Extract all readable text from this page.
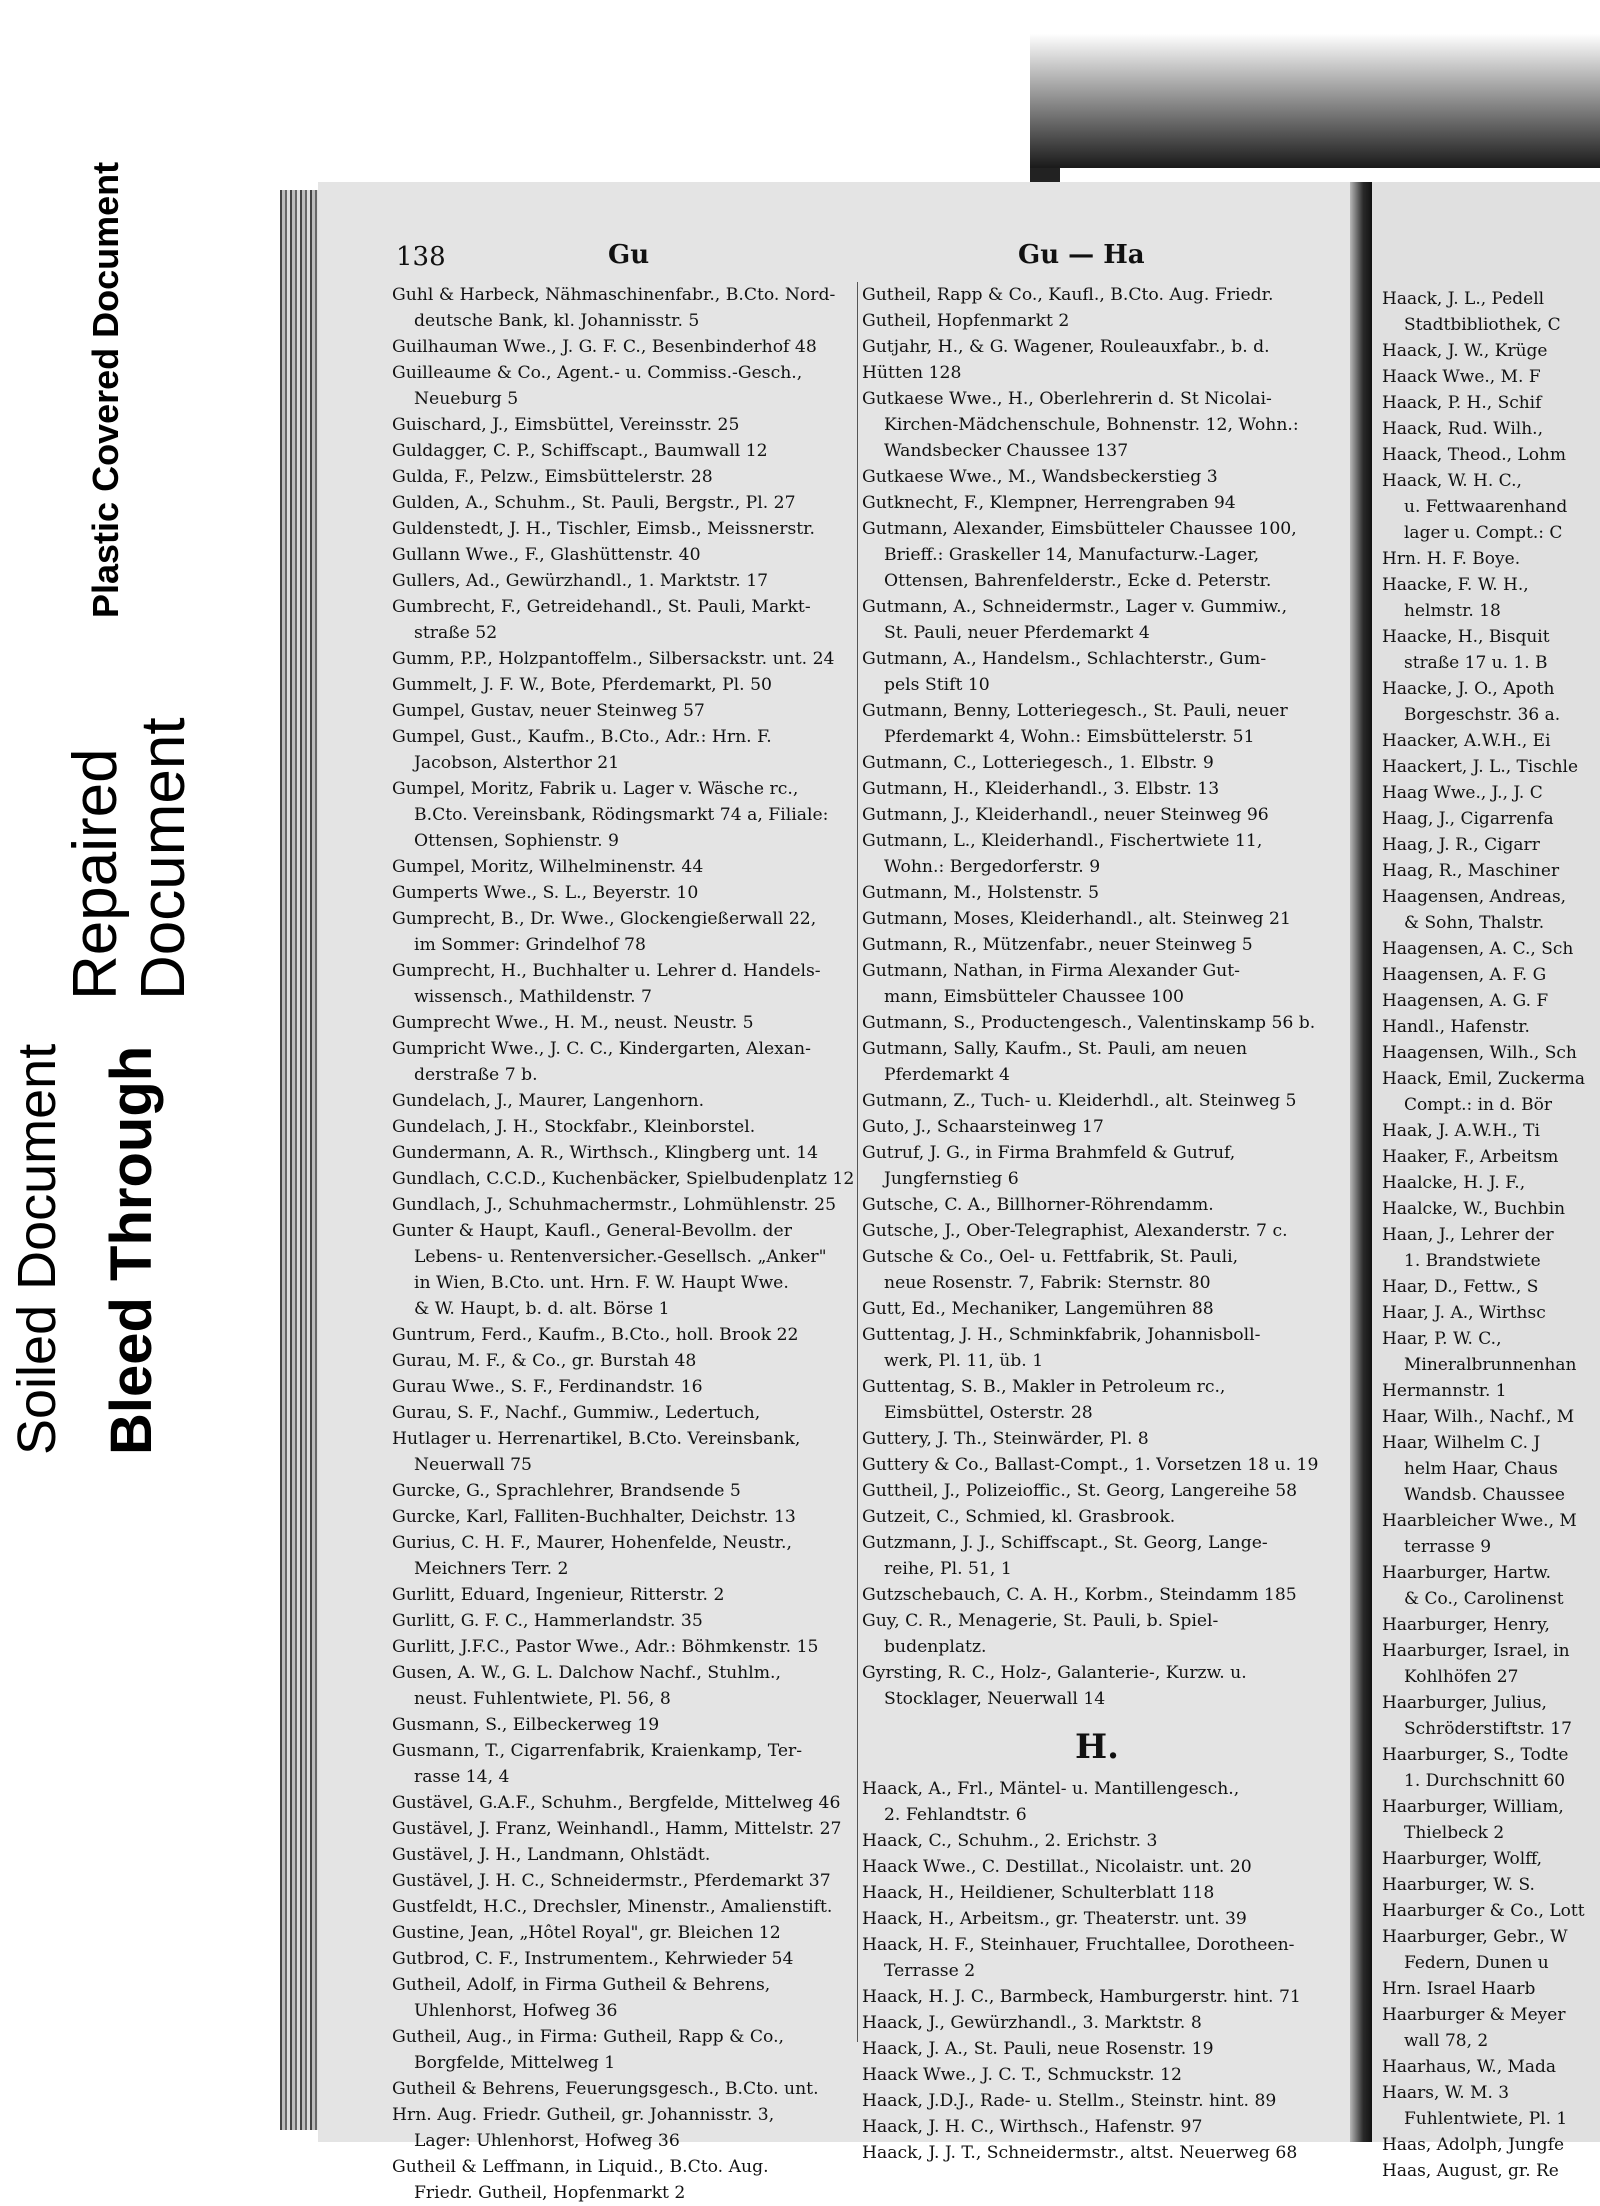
Plastic Covered Document
Repaired Document
Soiled Document Bleed Through
138	Gu	Gu — Ha
Guhl & Harbeck, Nähmaschinenfabr., B.Cto. Nord-
deutsche Bank, kl. Johannisstr. 5
Guilhauman Wwe., J. G. F. C., Besenbinderhof 48
Guilleaume & Co., Agent.- u. Commiss.-Gesch.,
Neueburg 5
Guischard, J., Eimsbüttel, Vereinsstr. 25
Guldagger, C. P., Schiffscapt., Baumwall 12
Gulda, F., Pelzw., Eimsbüttelerstr. 28
Gulden, A., Schuhm., St. Pauli, Bergstr., Pl. 27
Guldenstedt, J. H., Tischler, Eimsb., Meissnerstr.
Gullann Wwe., F., Glashüttenstr. 40
Gullers, Ad., Gewürzhandl., 1. Marktstr. 17
Gumbrecht, F., Getreidehandl., St. Pauli, Markt-
straße 52
Gumm, P.P., Holzpantoffelm., Silbersackstr. unt. 24
Gummelt, J. F. W., Bote, Pferdemarkt, Pl. 50
Gumpel, Gustav, neuer Steinweg 57
Gumpel, Gust., Kaufm., B.Cto., Adr.: Hrn. F.
Jacobson, Alsterthor 21
Gumpel, Moritz, Fabrik u. Lager v. Wäsche rc.,
B.Cto. Vereinsbank, Rödingsmarkt 74 a, Filiale:
Ottensen, Sophienstr. 9
Gumpel, Moritz, Wilhelminenstr. 44
Gumperts Wwe., S. L., Beyerstr. 10
Gumprecht, B., Dr. Wwe., Glockengießerwall 22,
im Sommer: Grindelhof 78
Gumprecht, H., Buchhalter u. Lehrer d. Handels-
wissensch., Mathildenstr. 7
Gumprecht Wwe., H. M., neust. Neustr. 5
Gumpricht Wwe., J. C. C., Kindergarten, Alexan-
derstraße 7 b.
Gundelach, J., Maurer, Langenhorn.
Gundelach, J. H., Stockfabr., Kleinborstel.
Gundermann, A. R., Wirthsch., Klingberg unt. 14
Gundlach, C.C.D., Kuchenbäcker, Spielbudenplatz 12
Gundlach, J., Schuhmachermstr., Lohmühlenstr. 25
Gunter & Haupt, Kaufl., General-Bevollm. der
Lebens- u. Rentenversicher.-Gesellsch. „Anker"
in Wien, B.Cto. unt. Hrn. F. W. Haupt Wwe.
& W. Haupt, b. d. alt. Börse 1
Guntrum, Ferd., Kaufm., B.Cto., holl. Brook 22
Gurau, M. F., & Co., gr. Burstah 48
Gurau Wwe., S. F., Ferdinandstr. 16
Gurau, S. F., Nachf., Gummiw., Ledertuch,
Hutlager u. Herrenartikel, B.Cto. Vereinsbank,
Neuerwall 75
Gurcke, G., Sprachlehrer, Brandsende 5
Gurcke, Karl, Falliten-Buchhalter, Deichstr. 13
Gurius, C. H. F., Maurer, Hohenfelde, Neustr.,
Meichners Terr. 2
Gurlitt, Eduard, Ingenieur, Ritterstr. 2
Gurlitt, G. F. C., Hammerlandstr. 35
Gurlitt, J.F.C., Pastor Wwe., Adr.: Böhmkenstr. 15
Gusen, A. W., G. L. Dalchow Nachf., Stuhlm.,
neust. Fuhlentwiete, Pl. 56, 8
Gusmann, S., Eilbeckerweg 19
Gusmann, T., Cigarrenfabrik, Kraienkamp, Ter-
rasse 14, 4
Gustävel, G.A.F., Schuhm., Bergfelde, Mittelweg 46
Gustävel, J. Franz, Weinhandl., Hamm, Mittelstr. 27
Gustävel, J. H., Landmann, Ohlstädt.
Gustävel, J. H. C., Schneidermstr., Pferdemarkt 37
Gustfeldt, H.C., Drechsler, Minenstr., Amalienstift.
Gustine, Jean, „Hôtel Royal", gr. Bleichen 12
Gutbrod, C. F., Instrumentem., Kehrwieder 54
Gutheil, Adolf, in Firma Gutheil & Behrens,
Uhlenhorst, Hofweg 36
Gutheil, Aug., in Firma: Gutheil, Rapp & Co.,
Borgfelde, Mittelweg 1
Gutheil & Behrens, Feuerungsgesch., B.Cto. unt.
Hrn. Aug. Friedr. Gutheil, gr. Johannisstr. 3,
Lager: Uhlenhorst, Hofweg 36
Gutheil & Leffmann, in Liquid., B.Cto. Aug.
Friedr. Gutheil, Hopfenmarkt 2
Gutheil, Rapp & Co., Kaufl., B.Cto. Aug. Friedr.
Gutheil, Hopfenmarkt 2
Gutjahr, H., & G. Wagener, Rouleauxfabr., b. d.
Hütten 128
Gutkaese Wwe., H., Oberlehrerin d. St Nicolai-
Kirchen-Mädchenschule, Bohnenstr. 12, Wohn.:
Wandsbecker Chaussee 137
Gutkaese Wwe., M., Wandsbeckerstieg 3
Gutknecht, F., Klempner, Herrengraben 94
Gutmann, Alexander, Eimsbütteler Chaussee 100,
Brieff.: Graskeller 14, Manufacturw.-Lager,
Ottensen, Bahrenfelderstr., Ecke d. Peterstr.
Gutmann, A., Schneidermstr., Lager v. Gummiw.,
St. Pauli, neuer Pferdemarkt 4
Gutmann, A., Handelsm., Schlachterstr., Gum-
pels Stift 10
Gutmann, Benny, Lotteriegesch., St. Pauli, neuer
Pferdemarkt 4, Wohn.: Eimsbüttelerstr. 51
Gutmann, C., Lotteriegesch., 1. Elbstr. 9
Gutmann, H., Kleiderhandl., 3. Elbstr. 13
Gutmann, J., Kleiderhandl., neuer Steinweg 96
Gutmann, L., Kleiderhandl., Fischertwiete 11,
Wohn.: Bergedorferstr. 9
Gutmann, M., Holstenstr. 5
Gutmann, Moses, Kleiderhandl., alt. Steinweg 21
Gutmann, R., Mützenfabr., neuer Steinweg 5
Gutmann, Nathan, in Firma Alexander Gut-
mann, Eimsbütteler Chaussee 100
Gutmann, S., Productengesch., Valentinskamp 56 b.
Gutmann, Sally, Kaufm., St. Pauli, am neuen
Pferdemarkt 4
Gutmann, Z., Tuch- u. Kleiderhdl., alt. Steinweg 5
Guto, J., Schaarsteinweg 17
Gutruf, J. G., in Firma Brahmfeld & Gutruf,
Jungfernstieg 6
Gutsche, C. A., Billhorner-Röhrendamm.
Gutsche, J., Ober-Telegraphist, Alexanderstr. 7 c.
Gutsche & Co., Oel- u. Fettfabrik, St. Pauli,
neue Rosenstr. 7, Fabrik: Sternstr. 80
Gutt, Ed., Mechaniker, Langemühren 88
Guttentag, J. H., Schminkfabrik, Johannisboll-
werk, Pl. 11, üb. 1
Guttentag, S. B., Makler in Petroleum rc.,
Eimsbüttel, Osterstr. 28
Guttery, J. Th., Steinwärder, Pl. 8
Guttery & Co., Ballast-Compt., 1. Vorsetzen 18 u. 19
Guttheil, J., Polizeioffic., St. Georg, Langereihe 58
Gutzeit, C., Schmied, kl. Grasbrook.
Gutzmann, J. J., Schiffscapt., St. Georg, Lange-
reihe, Pl. 51, 1
Gutzschebauch, C. A. H., Korbm., Steindamm 185
Guy, C. R., Menagerie, St. Pauli, b. Spiel-
budenplatz.
Gyrsting, R. C., Holz-, Galanterie-, Kurzw. u.
Stocklager, Neuerwall 14
H.
Haack, A., Frl., Mäntel- u. Mantillengesch.,
2. Fehlandtstr. 6
Haack, C., Schuhm., 2. Erichstr. 3
Haack Wwe., C. Destillat., Nicolaistr. unt. 20
Haack, H., Heildiener, Schulterblatt 118
Haack, H., Arbeitsm., gr. Theaterstr. unt. 39
Haack, H. F., Steinhauer, Fruchtallee, Dorotheen-
Terrasse 2
Haack, H. J. C., Barmbeck, Hamburgerstr. hint. 71
Haack, J., Gewürzhandl., 3. Marktstr. 8
Haack, J. A., St. Pauli, neue Rosenstr. 19
Haack Wwe., J. C. T., Schmuckstr. 12
Haack, J.D.J., Rade- u. Stellm., Steinstr. hint. 89
Haack, J. H. C., Wirthsch., Hafenstr. 97
Haack, J. J. T., Schneidermstr., altst. Neuerweg 68
Haack, J. L., Pedell
Stadtbibliothek, C
Haack, J. W., Krüge
Haack Wwe., M. F
Haack, P. H., Schif
Haack, Rud. Wilh.,
Haack, Theod., Lohm
Haack, W. H. C.,
u. Fettwaarenhand
lager u. Compt.: C
Hrn. H. F. Boye.
Haacke, F. W. H.,
helmstr. 18
Haacke, H., Bisquit
straße 17 u. 1. B
Haacke, J. O., Apoth
Borgeschstr. 36 a.
Haacker, A.W.H., Ei
Haackert, J. L., Tischle
Haag Wwe., J., J. C
Haag, J., Cigarrenfa
Haag, J. R., Cigarr
Haag, R., Maschiner
Haagensen, Andreas,
& Sohn, Thalstr.
Haagensen, A. C., Sch
Haagensen, A. F. G
Haagensen, A. G. F
Handl., Hafenstr.
Haagensen, Wilh., Sch
Haack, Emil, Zuckerma
Compt.: in d. Bör
Haak, J. A.W.H., Ti
Haaker, F., Arbeitsm
Haalcke, H. J. F.,
Haalcke, W., Buchbin
Haan, J., Lehrer der
1. Brandstwiete
Haar, D., Fettw., S
Haar, J. A., Wirthsc
Haar, P. W. C.,
Mineralbrunnenhan
Hermannstr. 1
Haar, Wilh., Nachf., M
Haar, Wilhelm C. J
helm Haar, Chaus
Wandsb. Chaussee
Haarbleicher Wwe., M
terrasse 9
Haarburger, Hartw.
& Co., Carolinenst
Haarburger, Henry,
Haarburger, Israel, in
Kohlhöfen 27
Haarburger, Julius,
Schröderstiftstr. 17
Haarburger, S., Todte
1. Durchschnitt 60
Haarburger, William,
Thielbeck 2
Haarburger, Wolff,
Haarburger, W. S.
Haarburger & Co., Lott
Haarburger, Gebr., W
Federn, Dunen u
Hrn. Israel Haarb
Haarburger & Meyer
wall 78, 2
Haarhaus, W., Mada
Haars, W. M. 3
Fuhlentwiete, Pl. 1
Haas, Adolph, Jungfe
Haas, August, gr. Re
